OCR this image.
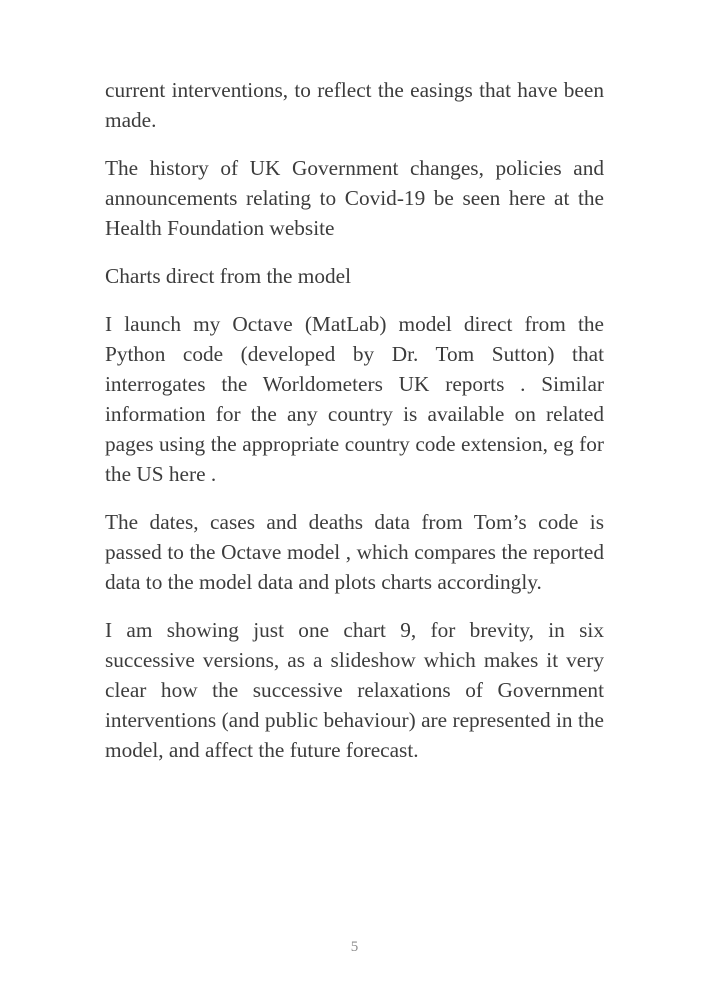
current interventions, to reflect the easings that have been made.

The history of UK Government changes, policies and announcements relating to Covid-19 be seen here at the Health Foundation website

Charts direct from the model

I launch my Octave (MatLab) model direct from the Python code (developed by Dr. Tom Sutton) that interrogates the Worldometers UK reports . Similar information for the any country is available on related pages using the appropriate country code extension, eg for the US here .

The dates, cases and deaths data from Tom’s code is passed to the Octave model , which compares the reported data to the model data and plots charts accordingly.

I am showing just one chart 9, for brevity, in six successive versions, as a slideshow which makes it very clear how the successive relaxations of Government interventions (and public behaviour) are represented in the model, and affect the future forecast.

5
